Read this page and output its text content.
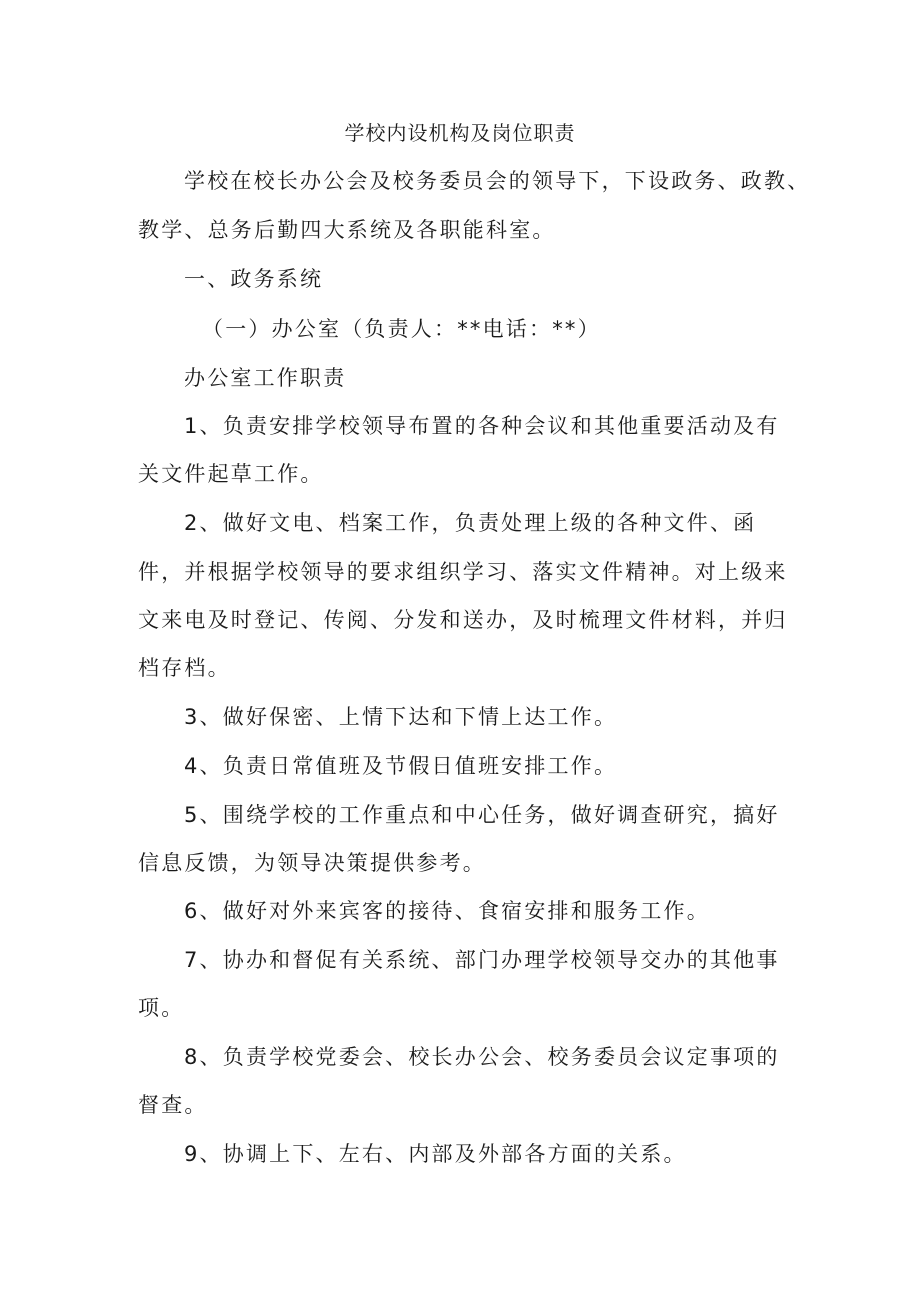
学校内设机构及岗位职责
学校在校长办公会及校务委员会的领导下，下设政务、政教、
教学、总务后勤四大系统及各职能科室。
一、政务系统
（一）办公室（负责人：**电话：**）
办公室工作职责
1、负责安排学校领导布置的各种会议和其他重要活动及有
关文件起草工作。
2、做好文电、档案工作，负责处理上级的各种文件、函
件，并根据学校领导的要求组织学习、落实文件精神。对上级来
文来电及时登记、传阅、分发和送办，及时梳理文件材料，并归
档存档。
3、做好保密、上情下达和下情上达工作。
4、负责日常值班及节假日值班安排工作。
5、围绕学校的工作重点和中心任务，做好调查研究，搞好
信息反馈，为领导决策提供参考。
6、做好对外来宾客的接待、食宿安排和服务工作。
7、协办和督促有关系统、部门办理学校领导交办的其他事
项。
8、负责学校党委会、校长办公会、校务委员会议定事项的
督查。
9、协调上下、左右、内部及外部各方面的关系。
